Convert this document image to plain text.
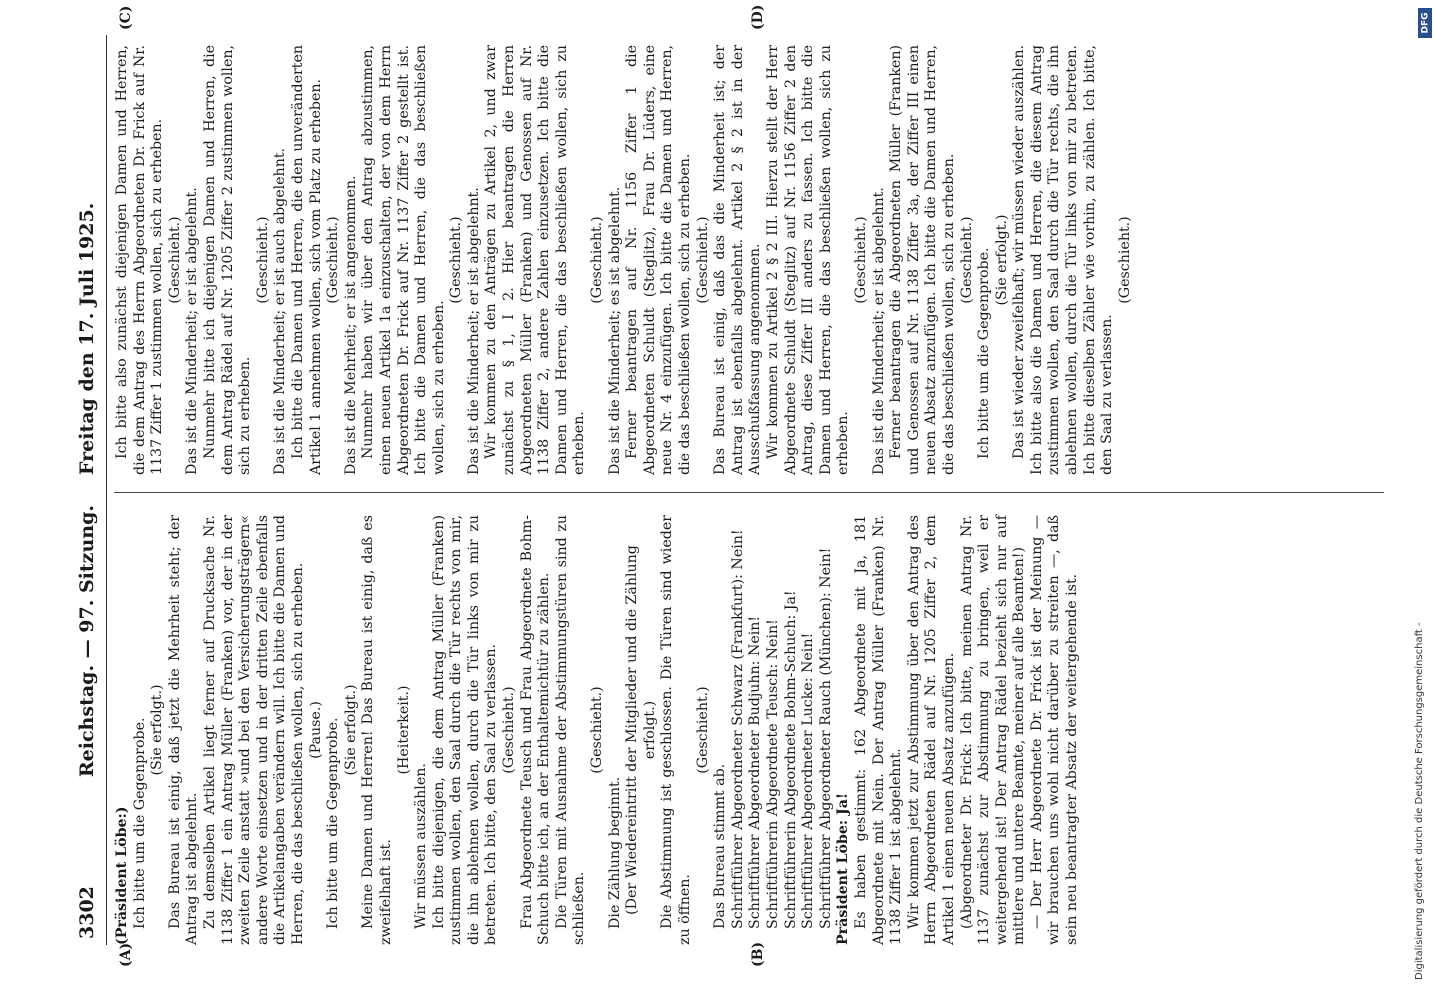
3302
Reichstag. — 97. Sitzung.
Freitag den 17. Juli 1925.

(Präsident Löbe:) Ich bitte um die Gegenprobe. (Sie erfolgt.) Das Bureau ist einig, daß jetzt die Mehrheit steht; der Antrag ist abgelehnt. Zu demselben Artikel liegt ferner auf Drucksache Nr. 1138 Ziffer 1 ein Antrag Müller (Franken) vor, der in der zweiten Zeile anstatt »und bei den Versicherungsträgern« andere Worte einsetzen und in der dritten Zeile ebenfalls die Artikelangaben verändern will. Ich bitte die Damen und Herren, die das beschließen wollen, sich zu erheben. (Pause.) Ich bitte um die Gegenprobe. (Sie erfolgt.) Meine Damen und Herren! Das Bureau ist einig, daß es zweifelhaft ist.

(Heiterkeit.)

Wir müssen auszählen. Ich bitte diejenigen, die dem Antrag Müller (Franken) zustimmen wollen, den Saal durch die Tür rechts von mir, die ihn ablehnen wollen, durch die Tür links von mir zu betreten. Ich bitte, den Saal zu verlassen. (Geschieht.) Frau Abgeordnete Teusch und Frau Abgeordnete Bohm-Schuch bitte ich, an der Enthaltemichtür zu zählen. Die Türen mit Ausnahme der Abstimmungstüren sind zu schließen.

(Geschieht.)

Die Zählung beginnt. (Der Wiedereintritt der Mitglieder und die Zählung erfolgt.) Die Abstimmung ist geschlossen. Die Türen sind wieder zu öffnen.

(Geschieht.)

Das Bureau stimmt ab. Schriftführer Abgeordneter Schwarz (Frankfurt): Nein! Schriftführer Abgeordneter Budjuhn: Nein! Schriftführerin Abgeordnete Teusch: Nein! Schriftführerin Abgeordnete Bohm-Schuch: Ja! Schriftführer Abgeordneter Lucke: Nein! Schriftführer Abgeordneter Rauch (München): Nein! Präsident Löbe: Ja! Es haben gestimmt: 162 Abgeordnete mit Ja, 181 Abgeordnete mit Nein. Der Antrag Müller (Franken) Nr. 1138 Ziffer 1 ist abgelehnt. Wir kommen jetzt zur Abstimmung über den Antrag des Herrn Abgeordneten Rädel auf Nr. 1205 Ziffer 2, dem Artikel 1 einen neuen Absatz anzufügen. (Abgeordneter Dr. Frick: Ich bitte, meinen Antrag Nr. 1137 zunächst zur Abstimmung zu bringen, weil er weitergehend ist! Der Antrag Rädel bezieht sich nur auf mittlere und untere Beamte, meiner auf alle Beamten!) — Der Herr Abgeordnete Dr. Frick ist der Meinung — wir brauchen uns wohl nicht darüber zu streiten —, daß sein neu beantragter Absatz der weitergehende ist.

Ich bitte also zunächst diejenigen Damen und Herren, die dem Antrag des Herrn Abgeordneten Dr. Frick auf Nr. 1137 Ziffer 1 zustimmen wollen, sich zu erheben. (Geschieht.) Das ist die Minderheit; er ist abgelehnt. Nunmehr bitte ich diejenigen Damen und Herren, die dem Antrag Rädel auf Nr. 1205 Ziffer 2 zustimmen wollen, sich zu erheben.

(Geschieht.) Das ist die Minderheit; er ist auch abgelehnt. Ich bitte die Damen und Herren, die den unveränderten Artikel 1 annehmen wollen, sich vom Platz zu erheben. (Geschieht.) Das ist die Mehrheit; er ist angenommen. Nunmehr haben wir über den Antrag abzustimmen, einen neuen Artikel 1a einzuschalten, der von dem Herrn Abgeordneten Dr. Frick auf Nr. 1137 Ziffer 2 gestellt ist. Ich bitte die Damen und Herren, die das beschließen wollen, sich zu erheben.

(Geschieht.) Das ist die Minderheit; er ist abgelehnt. Wir kommen zu den Anträgen zu Artikel 2, und zwar zunächst zu § 1, I 2. Hier beantragen die Herren Abgeordneten Müller (Franken) und Genossen auf Nr. 1138 Ziffer 2, andere Zahlen einzusetzen. Ich bitte die Damen und Herren, die das beschließen wollen, sich zu erheben.

(Geschieht.) Das ist die Minderheit; es ist abgelehnt. Ferner beantragen auf Nr. 1156 Ziffer 1 die Abgeordneten Schuldt (Steglitz), Frau Dr. Lüders, eine neue Nr. 4 einzufügen. Ich bitte die Damen und Herren, die das beschließen wollen, sich zu erheben. (Geschieht.) Das Bureau ist einig, daß das die Minderheit ist; der Antrag ist ebenfalls abgelehnt. Artikel 2 § 2 ist in der Ausschußfassung angenommen. Wir kommen zu Artikel 2 § 2 III. Hierzu stellt der Herr Abgeordnete Schuldt (Steglitz) auf Nr. 1156 Ziffer 2 den Antrag, diese Ziffer III anders zu fassen. Ich bitte die Damen und Herren, die das beschließen wollen, sich zu erheben.

(Geschieht.) Das ist die Minderheit; er ist abgelehnt. Ferner beantragen die Abgeordneten Müller (Franken) und Genossen auf Nr. 1138 Ziffer 3a, der Ziffer III einen neuen Absatz anzufügen. Ich bitte die Damen und Herren, die das beschließen wollen, sich zu erheben. (Geschieht.) Ich bitte um die Gegenprobe. (Sie erfolgt.) Das ist wieder zweifelhaft; wir müssen wieder auszählen. Ich bitte also die Damen und Herren, die diesem Antrag zustimmen wollen, den Saal durch die Tür rechts, die ihn ablehnen wollen, durch die Tür links von mir zu betreten. Ich bitte dieselben Zähler wie vorhin, zu zählen. Ich bitte, den Saal zu verlassen.

(Geschieht.)

(A)	(B)
(C)	(D)	DFG
Digitalisierung gefördert durch die Deutsche Forschungsgemeinschaft -
